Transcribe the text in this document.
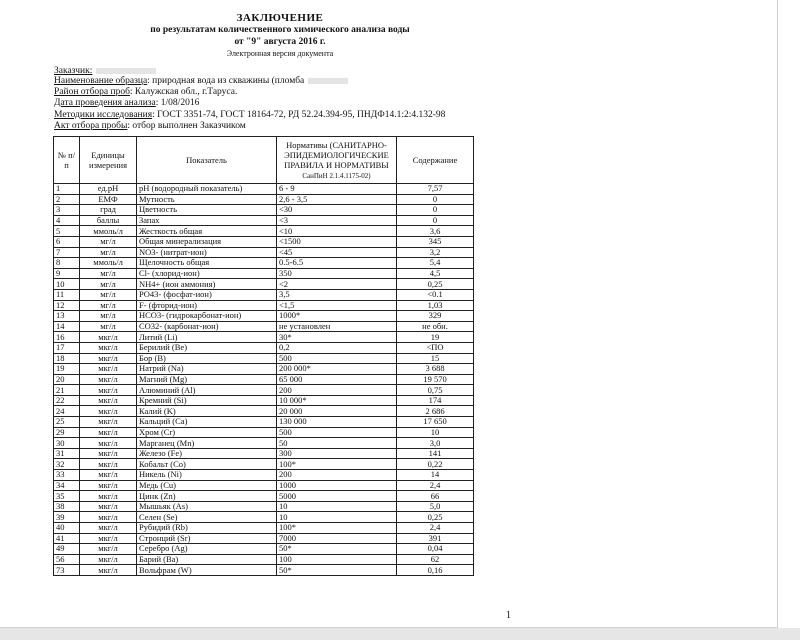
ЗАКЛЮЧЕНИЕ
по результатам количественного химического анализа воды
от "9" августа 2016 г.
Электронная версия документа
Заказчик:
Наименование образца: природная вода из скважины (пломба
Район отбора проб: Калужская обл., г.Таруса.
Дата проведения анализа: 1/08/2016
Методики исследования: ГОСТ 3351-74, ГОСТ 18164-72, РД 52.24.394-95, ПНДФ14.1:2:4.132-98
Акт отбора пробы: отбор выполнен Заказчиком
№ п/п	Единицы измерения	Показатель	Нормативы (САНИТАРНО-ЭПИДЕМИОЛОГИЧЕСКИЕ ПРАВИЛА И НОРМАТИВЫ
СанПиН 2.1.4.1175-02)	Содержание
1	ед.pH	pH (водородный показатель)	6 - 9	7,57
2	ЕМФ	Мутность	2,6 - 3,5	0
3	град	Цветность	<30	0
4	баллы	Запах	<3	0
5	ммоль/л	Жесткость общая	<10	3,6
6	мг/л	Общая минерализация	<1500	345
7	мг/л	NO3- (нитрат-ион)	<45	3,2
8	ммоль/л	Щелочность общая	0.5-6.5	5,4
9	мг/л	Cl- (хлорид-ион)	350	4,5
10	мг/л	NH4+ (ион аммония)	<2	0,25
11	мг/л	PO43- (фосфат-ион)	3,5	<0.1
12	мг/л	F- (фторид-ион)	<1,5	1,03
13	мг/л	HCO3- (гидрокарбонат-ион)	1000*	329
14	мг/л	CO32- (карбонат-ион)	не установлен	не обн.
16	мкг/л	Литий (Li)	30*	19
17	мкг/л	Берилий (Be)	0,2	<ПО
18	мкг/л	Бор (B)	500	15
19	мкг/л	Натрий (Na)	200 000*	3 688
20	мкг/л	Магний (Mg)	65 000	19 570
21	мкг/л	Алюминий (Al)	200	0,75
22	мкг/л	Кремний (Si)	10 000*	174
24	мкг/л	Калий (K)	20 000	2 686
25	мкг/л	Кальций (Ca)	130 000	17 650
29	мкг/л	Хром (Cr)	500	10
30	мкг/л	Марганец (Mn)	50	3,0
31	мкг/л	Железо (Fe)	300	141
32	мкг/л	Кобальт (Co)	100*	0,22
33	мкг/л	Никель (Ni)	200	14
34	мкг/л	Медь (Cu)	1000	2,4
35	мкг/л	Цинк (Zn)	5000	66
38	мкг/л	Мышьяк (As)	10	5,0
39	мкг/л	Селен (Se)	10	0,25
40	мкг/л	Рубидий (Rb)	100*	2,4
41	мкг/л	Стронций (Sr)	7000	391
49	мкг/л	Серебро (Ag)	50*	0,04
56	мкг/л	Барий (Ba)	100	62
73	мкг/л	Вольфрам (W)	50*	0,16
1
